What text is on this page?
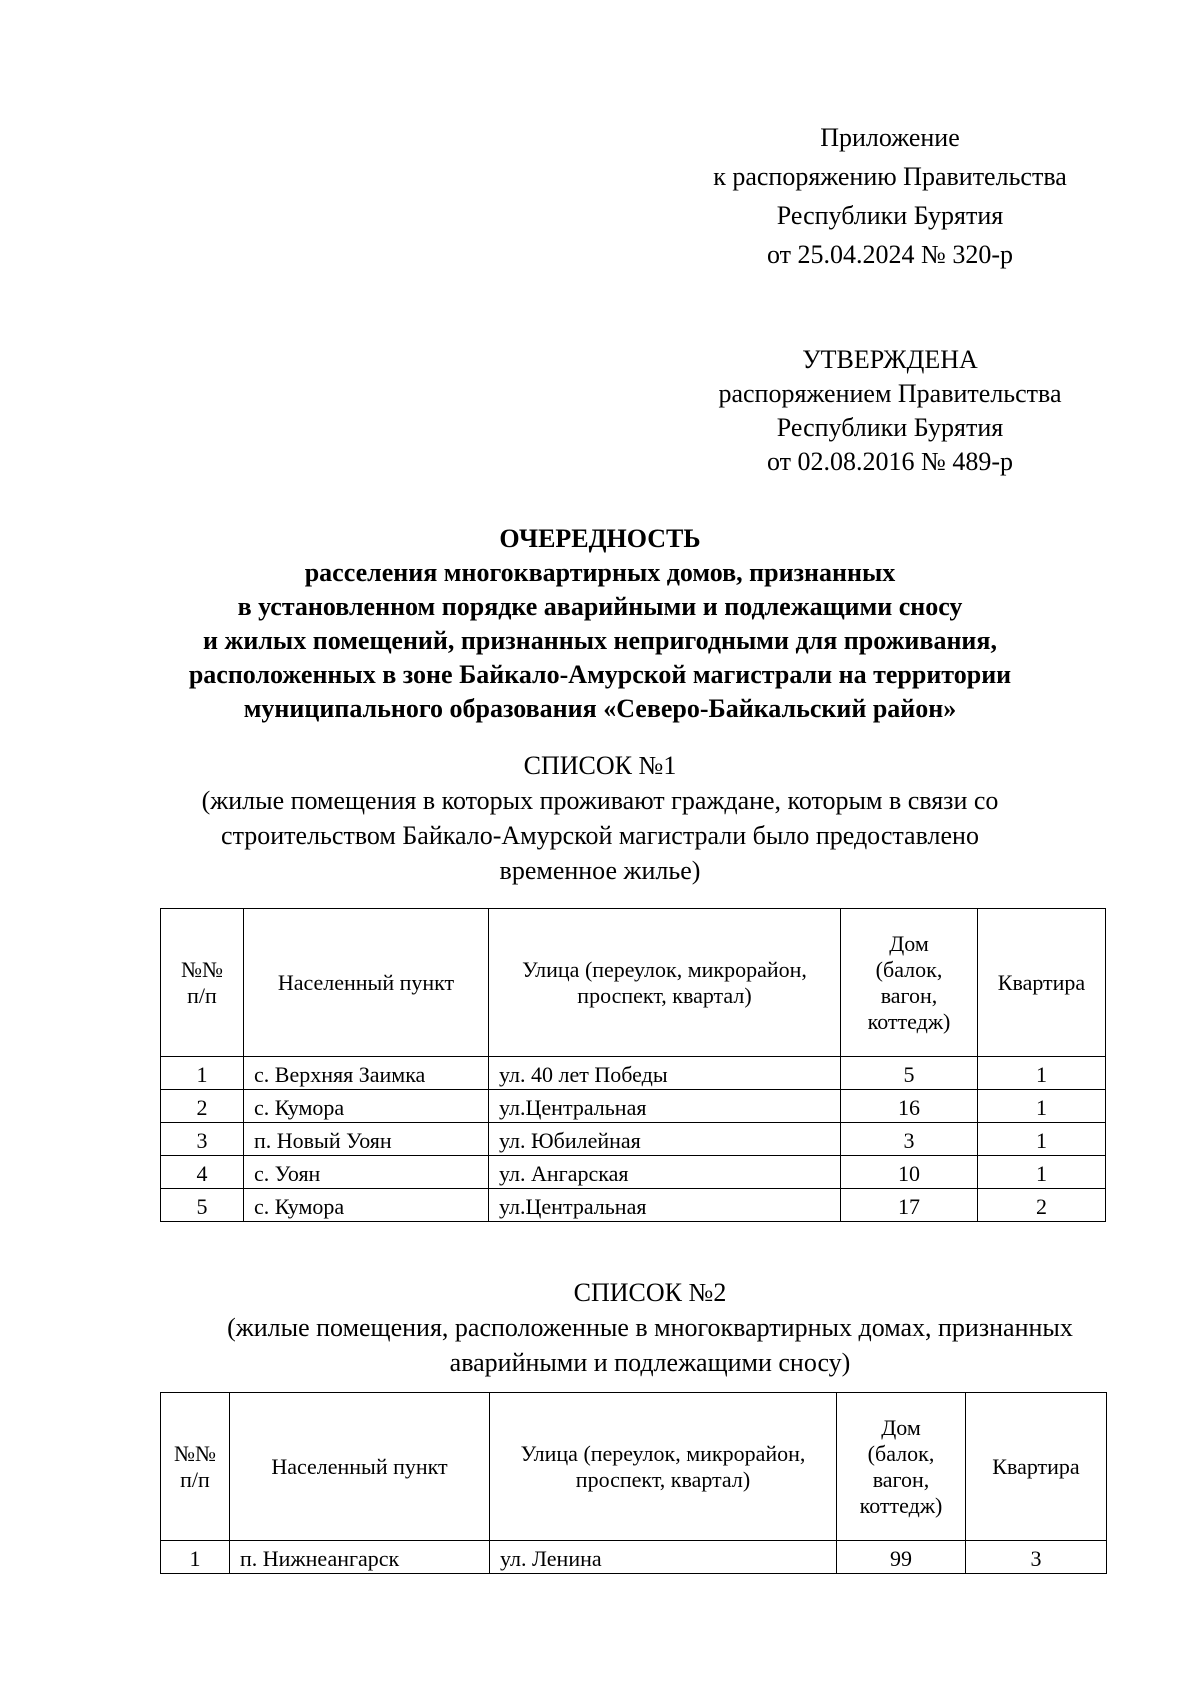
Приложение
к распоряжению Правительства
Республики Бурятия
от 25.04.2024 № 320-р
УТВЕРЖДЕНА
распоряжением Правительства
Республики Бурятия
от 02.08.2016 № 489-р
ОЧЕРЕДНОСТЬ
расселения многоквартирных домов, признанных
в установленном порядке аварийными и подлежащими сносу
и жилых помещений, признанных непригодными для проживания,
расположенных в зоне Байкало-Амурской магистрали на территории
муниципального образования «Северо-Байкальский район»
СПИСОК №1
(жилые помещения в которых проживают граждане, которым в связи со
строительством Байкало-Амурской магистрали было предоставлено
временное жилье)
№№
п/п	Населенный пункт	Улица (переулок, микрорайон,
проспект, квартал)	Дом
(балок,
вагон,
коттедж)	Квартира
1	с. Верхняя Заимка	ул. 40 лет Победы	5	1
2	с. Кумора	ул.Центральная	16	1
3	п. Новый Уоян	ул. Юбилейная	3	1
4	с. Уоян	ул. Ангарская	10	1
5	с. Кумора	ул.Центральная	17	2
СПИСОК №2
(жилые помещения, расположенные в многоквартирных домах, признанных
аварийными и подлежащими сносу)
№№
п/п	Населенный пункт	Улица (переулок, микрорайон,
проспект, квартал)	Дом
(балок,
вагон,
коттедж)	Квартира
1	п. Нижнеангарск	ул. Ленина	99	3
